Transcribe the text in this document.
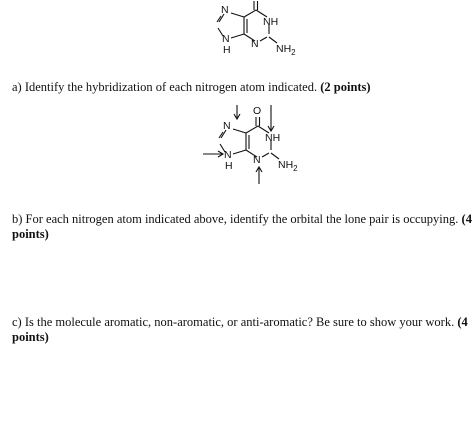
N
NH
N
H N $NH_2$
a) Identify the hybridization of each nitrogen atom indicated. (2 points)
N
NH
N
H N
O
$NH_2$
b) For each nitrogen atom indicated above, identify the orbital the lone pair is occupying. (4
points)
c) Is the molecule aromatic, non-aromatic, or anti-aromatic? Be sure to show your work. (4
points)
